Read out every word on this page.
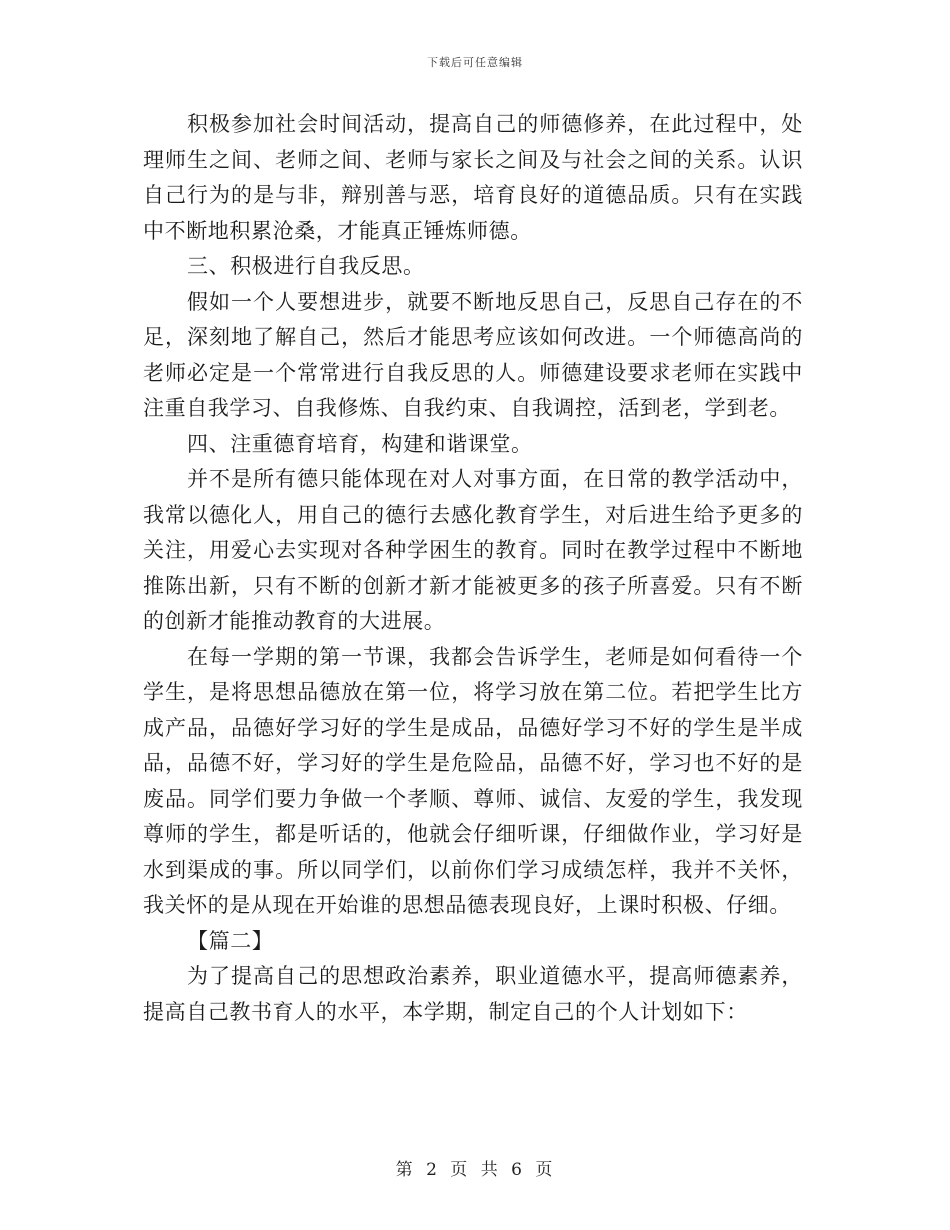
下载后可任意编辑

积极参加社会时间活动，提高自己的师德修养，在此过程中，处理师生之间、老师之间、老师与家长之间及与社会之间的关系。认识自己行为的是与非，辩别善与恶，培育良好的道德品质。只有在实践中不断地积累沧桑，才能真正锤炼师德。

三、积极进行自我反思。

假如一个人要想进步，就要不断地反思自己，反思自己存在的不足，深刻地了解自己，然后才能思考应该如何改进。一个师德高尚的老师必定是一个常常进行自我反思的人。师德建设要求老师在实践中注重自我学习、自我修炼、自我约束、自我调控，活到老，学到老。

四、注重德育培育，构建和谐课堂。

并不是所有德只能体现在对人对事方面，在日常的教学活动中，我常以德化人，用自己的德行去感化教育学生，对后进生给予更多的关注，用爱心去实现对各种学困生的教育。同时在教学过程中不断地推陈出新，只有不断的创新才新才能被更多的孩子所喜爱。只有不断的创新才能推动教育的大进展。

在每一学期的第一节课，我都会告诉学生，老师是如何看待一个学生，是将思想品德放在第一位，将学习放在第二位。若把学生比方成产品，品德好学习好的学生是成品，品德好学习不好的学生是半成品，品德不好，学习好的学生是危险品，品德不好，学习也不好的是废品。同学们要力争做一个孝顺、尊师、诚信、友爱的学生，我发现尊师的学生，都是听话的，他就会仔细听课，仔细做作业，学习好是水到渠成的事。所以同学们，以前你们学习成绩怎样，我并不关怀，我关怀的是从现在开始谁的思想品德表现良好，上课时积极、仔细。

【篇二】

为了提高自己的思想政治素养，职业道德水平，提高师德素养，提高自己教书育人的水平，本学期，制定自己的个人计划如下：

第 2 页 共 6 页
